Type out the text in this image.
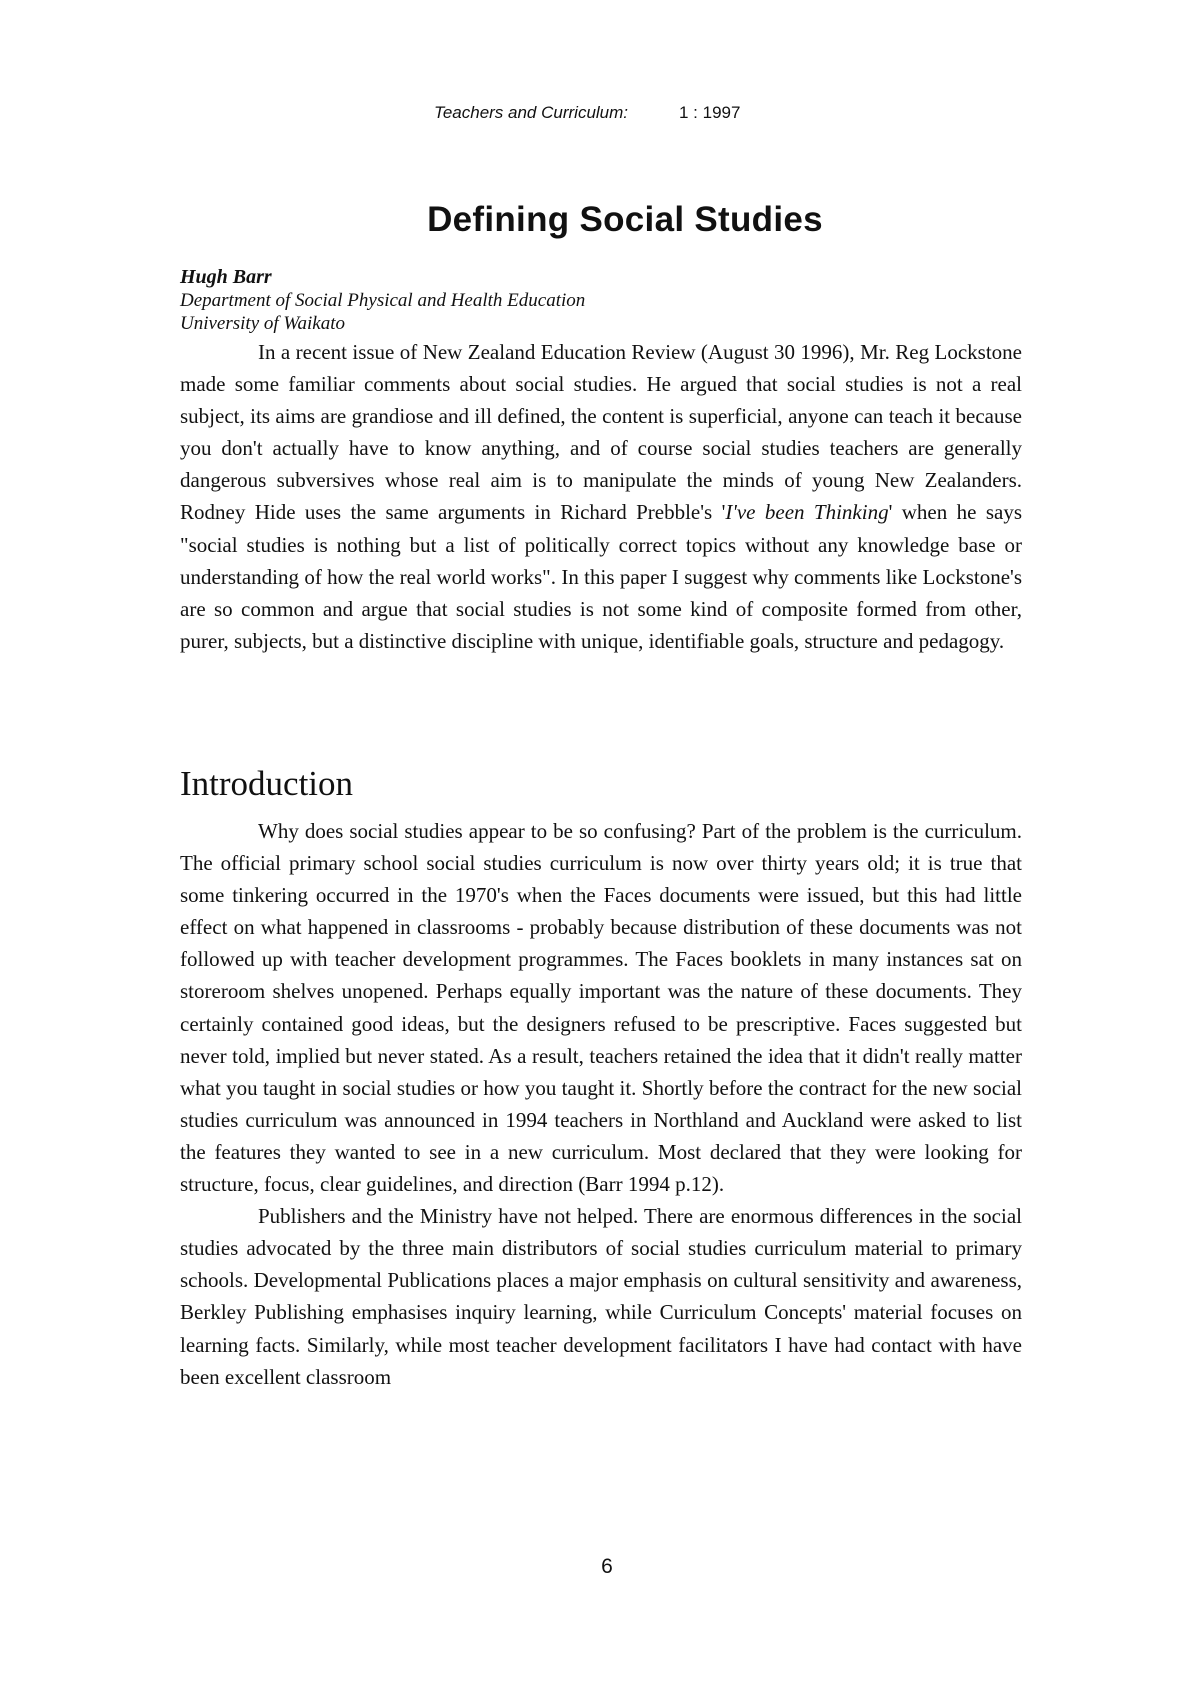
Teachers and Curriculum:	1 : 1997
Defining Social Studies
Hugh Barr
Department of Social Physical and Health Education
University of Waikato

In a recent issue of New Zealand Education Review (August 30 1996), Mr. Reg Lockstone made some familiar comments about social studies. He argued that social studies is not a real subject, its aims are grandiose and ill defined, the content is superficial, anyone can teach it because you don't actually have to know anything, and of course social studies teachers are generally dangerous subversives whose real aim is to manipulate the minds of young New Zealanders. Rodney Hide uses the same arguments in Richard Prebble's 'I've been Thinking' when he says "social studies is nothing but a list of politically correct topics without any knowledge base or understanding of how the real world works". In this paper I suggest why comments like Lockstone's are so common and argue that social studies is not some kind of composite formed from other, purer, subjects, but a distinctive discipline with unique, identifiable goals, structure and pedagogy.

Introduction

Why does social studies appear to be so confusing? Part of the problem is the curriculum. The official primary school social studies curriculum is now over thirty years old; it is true that some tinkering occurred in the 1970's when the Faces documents were issued, but this had little effect on what happened in classrooms - probably because distribution of these documents was not followed up with teacher development programmes. The Faces booklets in many instances sat on storeroom shelves unopened. Perhaps equally important was the nature of these documents. They certainly contained good ideas, but the designers refused to be prescriptive. Faces suggested but never told, implied but never stated. As a result, teachers retained the idea that it didn't really matter what you taught in social studies or how you taught it. Shortly before the contract for the new social studies curriculum was announced in 1994 teachers in Northland and Auckland were asked to list the features they wanted to see in a new curriculum. Most declared that they were looking for structure, focus, clear guidelines, and direction (Barr 1994 p.12).

Publishers and the Ministry have not helped. There are enormous differences in the social studies advocated by the three main distributors of social studies curriculum material to primary schools. Developmental Publications places a major emphasis on cultural sensitivity and awareness, Berkley Publishing emphasises inquiry learning, while Curriculum Concepts' material focuses on learning facts. Similarly, while most teacher development facilitators I have had contact with have been excellent classroom

6
